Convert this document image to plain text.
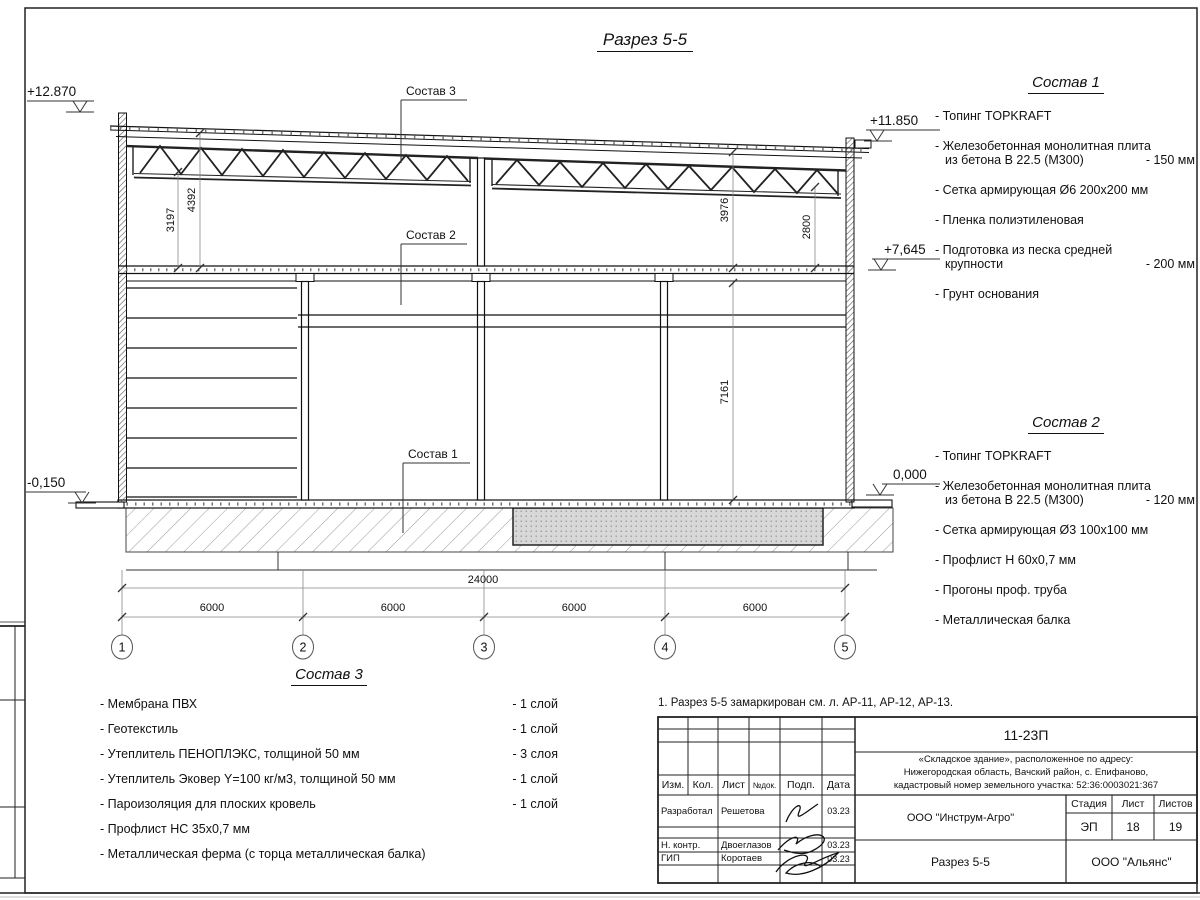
24000
6000	6000	6000	6000
1	2	3	4	5
3197
4392	3976
2800
7161
+12.870
+11.850
+7,645
-0,150
0,000
Состав 3
Состав 2
Состав 1
Разрез 5-5
Состав 1
- Топинг TOPKRAFT
- Железобетонная монолитная плита
из бетона В 22.5 (М300)	- 150 мм
- Сетка армирующая Ø6 200х200 мм
- Пленка полиэтиленовая
- Подготовка из песка средней
крупности	- 200 мм
- Грунт основания
Состав 2
- Топинг TOPKRAFT
- Железобетонная монолитная плита
из бетона В 22.5 (М300)	- 120 мм
- Сетка армирующая Ø3 100х100 мм
- Профлист Н 60х0,7 мм
- Прогоны проф. труба
- Металлическая балка
Состав 3
- Мембрана ПВХ	- 1 слой
- Геотекстиль	- 1 слой
- Утеплитель ПЕНОПЛЭКС, толщиной 50 мм	- 3 слоя
- Утеплитель Эковер Y=100 кг/м3, толщиной 50 мм	- 1 слой
- Пароизоляция для плоских кровель	- 1 слой
- Профлист НС 35х0,7 мм
- Металлическая ферма (с торца металлическая балка)
1. Разрез 5-5 замаркирован см. л. АР-11, АР-12, АР-13.
11-23П
«Складское здание», расположенное по адресу:
Нижегородская область, Вачский район, с. Епифаново,
кадастровый номер земельного участка: 52:36:0003021:367
Изм. Кол. Лист №док.	Подп.	Дата
Разработал Решетова	03.23
Н. контр.	Двоеглазов	03.23
ГИП	Коротаев	03.23
ООО "Инструм-Агро"
Стадия	Лист	Листов
ЭП	18	19
Разрез 5-5	ООО "Альянс"
